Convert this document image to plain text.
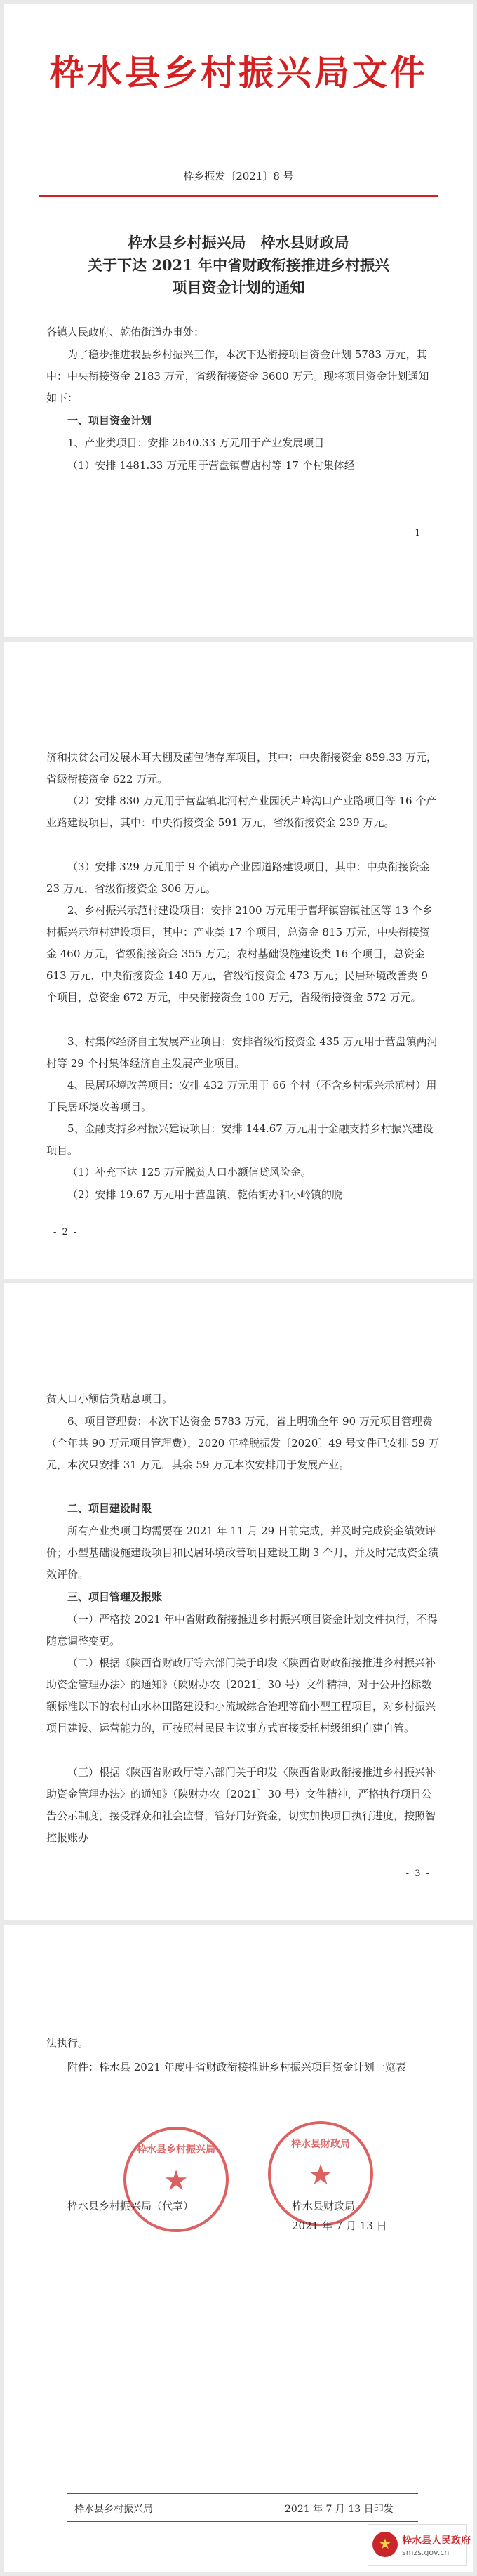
枠水县乡村振兴局文件
枠乡振发〔2021〕8 号
枠水县乡村振兴局　枠水县财政局
关于下达 2021 年中省财政衔接推进乡村振兴
项目资金计划的通知

各镇人民政府、乾佑街道办事处：

为了稳步推进我县乡村振兴工作，本次下达衔接项目资金计划 5783 万元，其中：中央衔接资金 2183 万元，省级衔接资金 3600 万元。现将项目资金计划通知如下：

一、项目资金计划

1、产业类项目：安排 2640.33 万元用于产业发展项目

（1）安排 1481.33 万元用于营盘镇曹店村等 17 个村集体经

- 1 -

济和扶贫公司发展木耳大棚及菌包储存库项目，其中：中央衔接资金 859.33 万元，省级衔接资金 622 万元。

（2）安排 830 万元用于营盘镇北河村产业园沃片岭沟口产业路项目等 16 个产业路建设项目，其中：中央衔接资金 591 万元，省级衔接资金 239 万元。

（3）安排 329 万元用于 9 个镇办产业园道路建设项目，其中：中央衔接资金 23 万元，省级衔接资金 306 万元。

2、乡村振兴示范村建设项目：安排 2100 万元用于曹坪镇窑镇社区等 13 个乡村振兴示范村建设项目，其中：产业类 17 个项目，总资金 815 万元，中央衔接资金 460 万元，省级衔接资金 355 万元；农村基础设施建设类 16 个项目，总资金 613 万元，中央衔接资金 140 万元，省级衔接资金 473 万元；民居环境改善类 9 个项目，总资金 672 万元，中央衔接资金 100 万元，省级衔接资金 572 万元。

3、村集体经济自主发展产业项目：安排省级衔接资金 435 万元用于营盘镇两河村等 29 个村集体经济自主发展产业项目。

4、民居环境改善项目：安排 432 万元用于 66 个村（不含乡村振兴示范村）用于民居环境改善项目。

5、金融支持乡村振兴建设项目：安排 144.67 万元用于金融支持乡村振兴建设项目。

（1）补充下达 125 万元脱贫人口小额信贷风险金。

（2）安排 19.67 万元用于营盘镇、乾佑街办和小岭镇的脱

- 2 -

贫人口小额信贷贴息项目。

6、项目管理费：本次下达资金 5783 万元，省上明确全年 90 万元项目管理费（全年共 90 万元项目管理费），2020 年枠脱振发〔2020〕49 号文件已安排 59 万元，本次只安排 31 万元，其余 59 万元本次安排用于发展产业。

二、项目建设时限

所有产业类项目均需要在 2021 年 11 月 29 日前完成，并及时完成资金绩效评价；小型基础设施建设项目和民居环境改善项目建设工期 3 个月，并及时完成资金绩效评价。

三、项目管理及报账

（一）严格按 2021 年中省财政衔接推进乡村振兴项目资金计划文件执行，不得随意调整变更。

（二）根据《陕西省财政厅等六部门关于印发〈陕西省财政衔接推进乡村振兴补助资金管理办法〉的通知》（陕财办农〔2021〕30 号）文件精神，对于公开招标数额标准以下的农村山水林田路建设和小流域综合治理等确小型工程项目，对乡村振兴项目建设、运营能力的，可按照村民民主议事方式直接委托村级组织自建自管。

（三）根据《陕西省财政厅等六部门关于印发〈陕西省财政衔接推进乡村振兴补助资金管理办法〉的通知》（陕财办农〔2021〕30 号）文件精神，严格执行项目公告公示制度，接受群众和社会监督，管好用好资金，切实加快项目执行进度，按照智控报账办

- 3 -

法执行。

附件：枠水县 2021 年度中省财政衔接推进乡村振兴项目资金计划一览表

枠水县乡村振兴局
★
枠水县财政局
★
枠水县乡村振兴局（代章）	枠水县财政局
2021 年 7 月 13 日
枠水县乡村振兴局	2021 年 7 月 13 日印发
★
枠水县人民政府
smzs.gov.cn
